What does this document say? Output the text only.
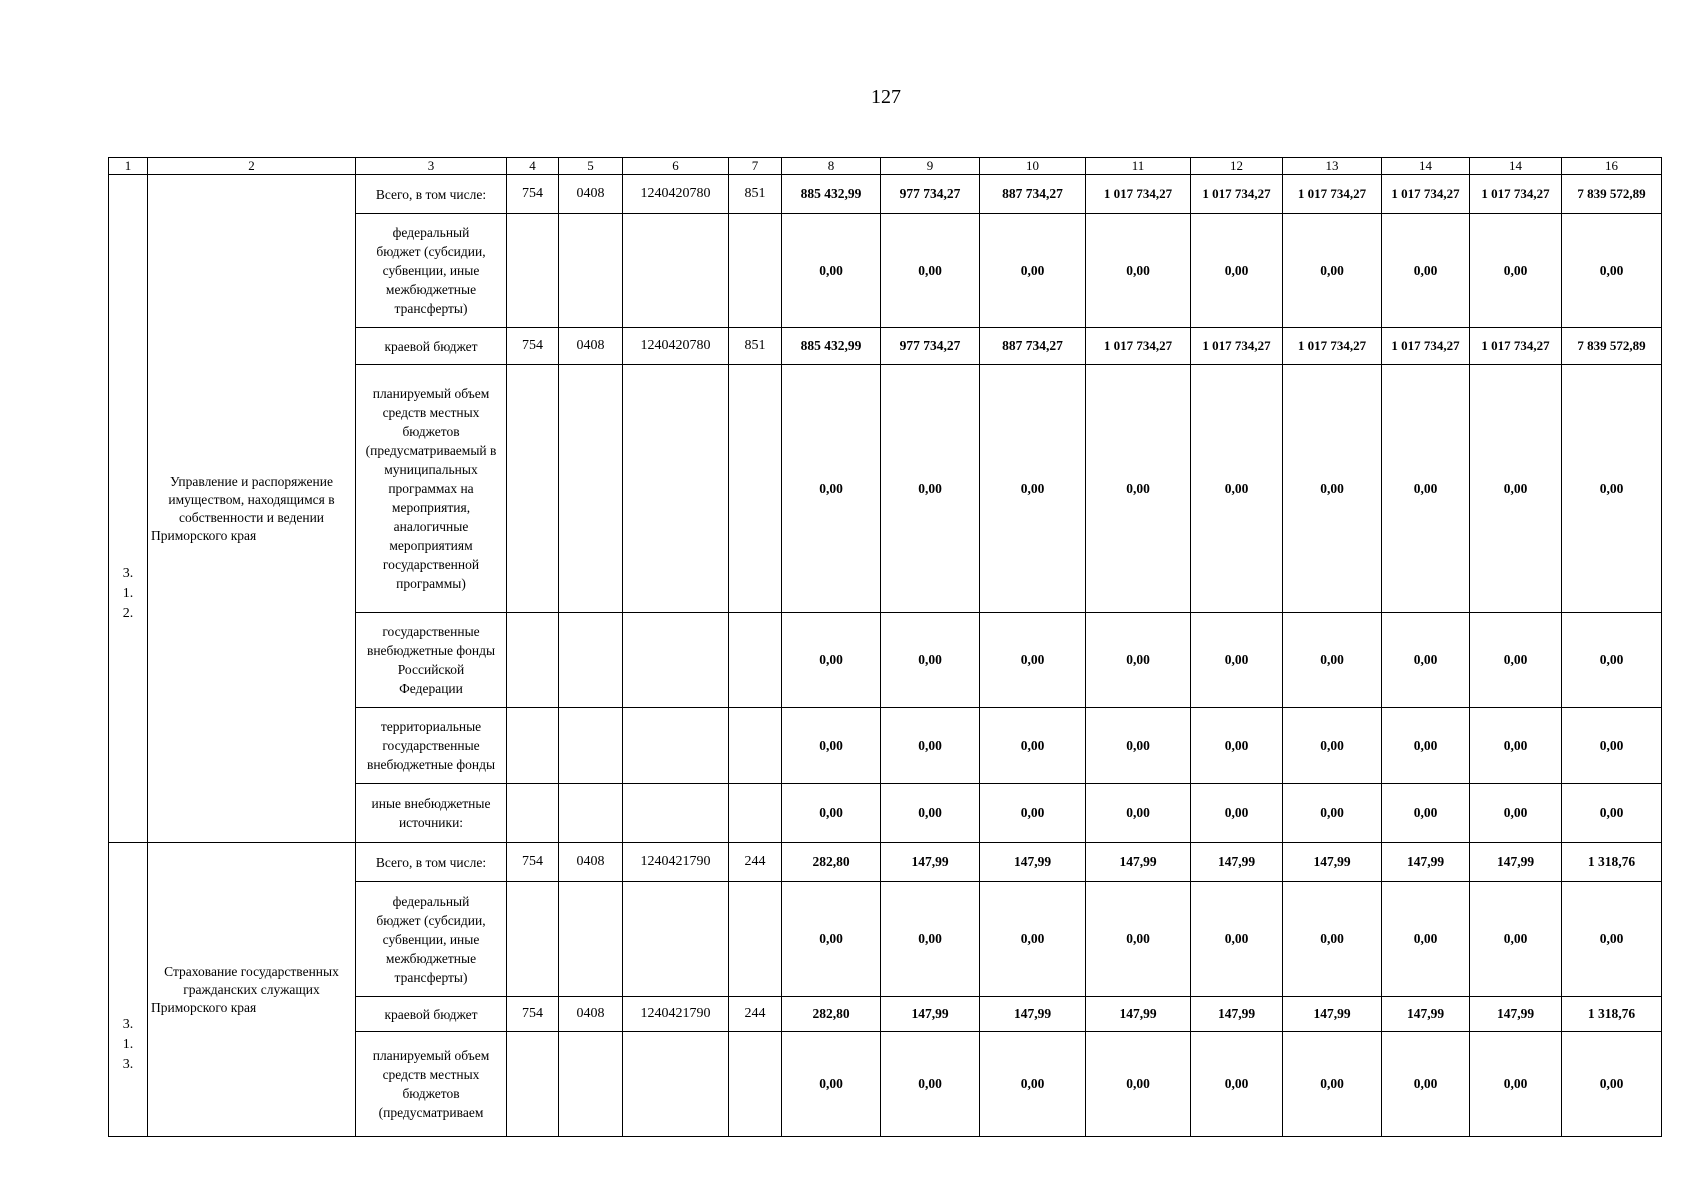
127
1	2	3	4	5	6	7	8	9	10	11	12	13	14	14	16

3.
1.
2.	Управление и распоряжение имуществом, находящимся в собственности и ведении Приморского края	Всего, в том числе:	754	0408	1240420780	851	885 432,99	977 734,27	887 734,27	1 017 734,27	1 017 734,27	1 017 734,27	1 017 734,27	1 017 734,27	7 839 572,89

		федеральный бюджет (субсидии, субвенции, иные межбюджетные трансферты)					0,00	0,00	0,00	0,00	0,00	0,00	0,00	0,00	0,00

		краевой бюджет	754	0408	1240420780	851	885 432,99	977 734,27	887 734,27	1 017 734,27	1 017 734,27	1 017 734,27	1 017 734,27	1 017 734,27	7 839 572,89

		планируемый объем средств местных бюджетов (предусматриваемый в муниципальных программах на мероприятия, аналогичные мероприятиям государственной программы)					0,00	0,00	0,00	0,00	0,00	0,00	0,00	0,00	0,00

		государственные внебюджетные фонды Российской Федерации					0,00	0,00	0,00	0,00	0,00	0,00	0,00	0,00	0,00

		территориальные государственные внебюджетные фонды					0,00	0,00	0,00	0,00	0,00	0,00	0,00	0,00	0,00

		иные внебюджетные источники:					0,00	0,00	0,00	0,00	0,00	0,00	0,00	0,00	0,00

3.
1.
3.	Страхование государственных гражданских служащих Приморского края	Всего, в том числе:	754	0408	1240421790	244	282,80	147,99	147,99	147,99	147,99	147,99	147,99	147,99	1 318,76

		федеральный бюджет (субсидии, субвенции, иные межбюджетные трансферты)					0,00	0,00	0,00	0,00	0,00	0,00	0,00	0,00	0,00

		краевой бюджет	754	0408	1240421790	244	282,80	147,99	147,99	147,99	147,99	147,99	147,99	147,99	1 318,76

		планируемый объем средств местных бюджетов (предусматриваем					0,00	0,00	0,00	0,00	0,00	0,00	0,00	0,00	0,00
